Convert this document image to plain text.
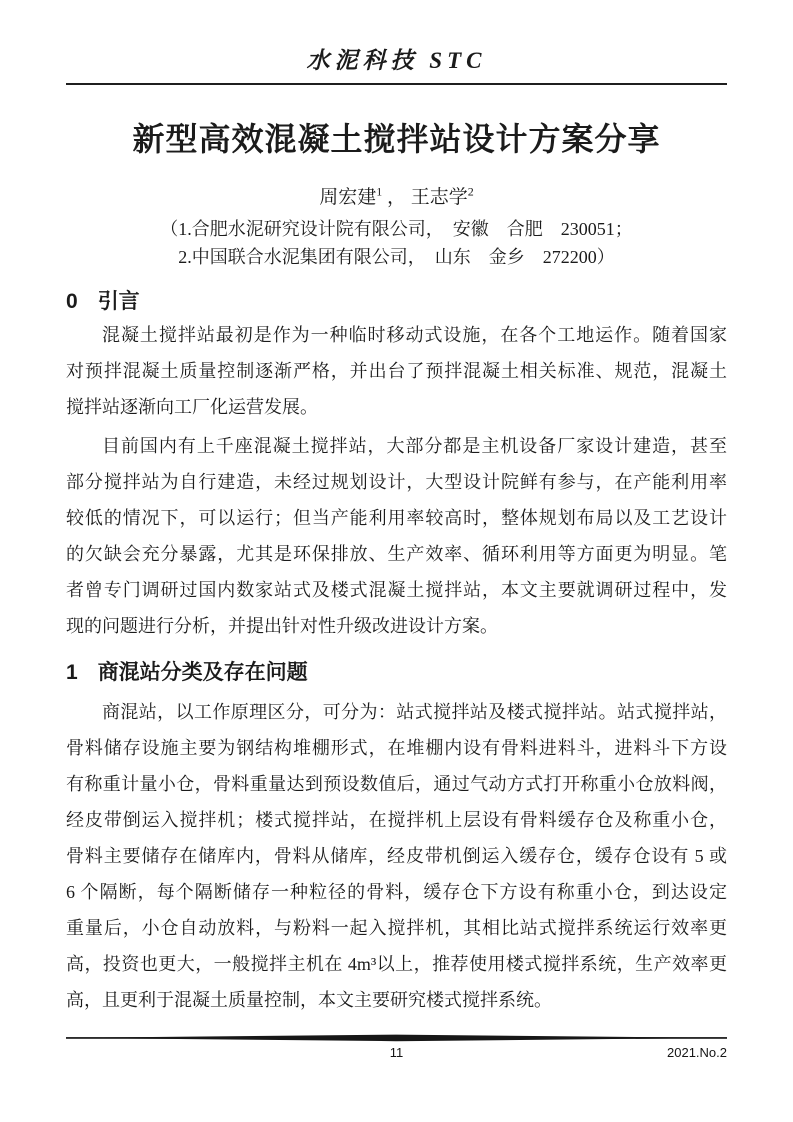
水泥科技 STC
新型高效混凝土搅拌站设计方案分享
周宏建$^1$ ， 王志学$^2$
（1.合肥水泥研究设计院有限公司，　安徽　合肥　230051；
2.中国联合水泥集团有限公司，　山东　金乡　272200）
0 引言
混凝土搅拌站最初是作为一种临时移动式设施，在各个工地运作。随着国家
对预拌混凝土质量控制逐渐严格，并出台了预拌混凝土相关标准、规范，混凝土
搅拌站逐渐向工厂化运营发展。
目前国内有上千座混凝土搅拌站，大部分都是主机设备厂家设计建造，甚至
部分搅拌站为自行建造，未经过规划设计，大型设计院鲜有参与，在产能利用率
较低的情况下，可以运行；但当产能利用率较高时，整体规划布局以及工艺设计
的欠缺会充分暴露，尤其是环保排放、生产效率、循环利用等方面更为明显。笔
者曾专门调研过国内数家站式及楼式混凝土搅拌站，本文主要就调研过程中，发
现的问题进行分析，并提出针对性升级改进设计方案。
1 商混站分类及存在问题
商混站，以工作原理区分，可分为：站式搅拌站及楼式搅拌站。站式搅拌站，
骨料储存设施主要为钢结构堆棚形式，在堆棚内设有骨料进料斗，进料斗下方设
有称重计量小仓，骨料重量达到预设数值后，通过气动方式打开称重小仓放料阀，
经皮带倒运入搅拌机；楼式搅拌站，在搅拌机上层设有骨料缓存仓及称重小仓，
骨料主要储存在储库内，骨料从储库，经皮带机倒运入缓存仓，缓存仓设有 5 或
6 个隔断，每个隔断储存一种粒径的骨料，缓存仓下方设有称重小仓，到达设定
重量后，小仓自动放料，与粉料一起入搅拌机，其相比站式搅拌系统运行效率更
高，投资也更大，一般搅拌主机在 4m³以上，推荐使用楼式搅拌系统，生产效率更
高，且更利于混凝土质量控制，本文主要研究楼式搅拌系统。
11	2021.No.2
